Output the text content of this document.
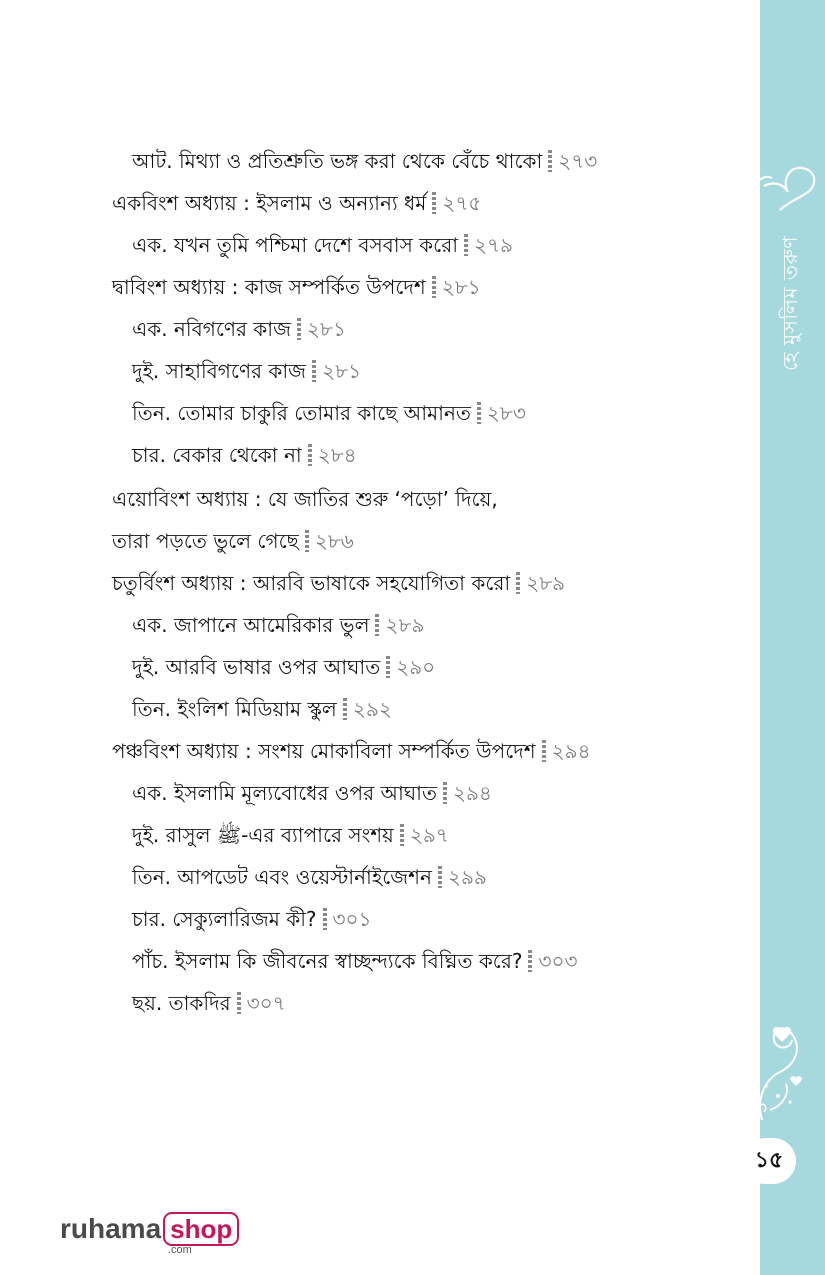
হে মুসলিম তরুণ
১৫
আট. মিথ্যা ও প্রতিশ্রুতি ভঙ্গ করা থেকে বেঁচে থাকো ২৭৩
একবিংশ অধ্যায় : ইসলাম ও অন্যান্য ধর্ম ২৭৫
এক. যখন তুমি পশ্চিমা দেশে বসবাস করো ২৭৯
দ্বাবিংশ অধ্যায় : কাজ সম্পর্কিত উপদেশ ২৮১
এক. নবিগণের কাজ ২৮১
দুই. সাহাবিগণের কাজ ২৮১
তিন. তোমার চাকুরি তোমার কাছে আমানত ২৮৩
চার. বেকার থেকো না ২৮৪
এয়োবিংশ অধ্যায় : যে জাতির শুরু ‘পড়ো’ দিয়ে,
তারা পড়তে ভুলে গেছে ২৮৬
চতুর্বিংশ অধ্যায় : আরবি ভাষাকে সহযোগিতা করো ২৮৯
এক. জাপানে আমেরিকার ভুল ২৮৯
দুই. আরবি ভাষার ওপর আঘাত ২৯০
তিন. ইংলিশ মিডিয়াম স্কুল ২৯২
পঞ্চবিংশ অধ্যায় : সংশয় মোকাবিলা সম্পর্কিত উপদেশ ২৯৪
এক. ইসলামি মূল্যবোধের ওপর আঘাত ২৯৪
দুই. রাসুল ﷺ-এর ব্যাপারে সংশয় ২৯৭
তিন. আপডেট এবং ওয়েস্টার্নাইজেশন ২৯৯
চার. সেক্যুলারিজম কী? ৩০১
পাঁচ. ইসলাম কি জীবনের স্বাচ্ছন্দ্যকে বিঘ্নিত করে? ৩০৩
ছয়. তাকদির ৩০৭
ruhama shop
.com
